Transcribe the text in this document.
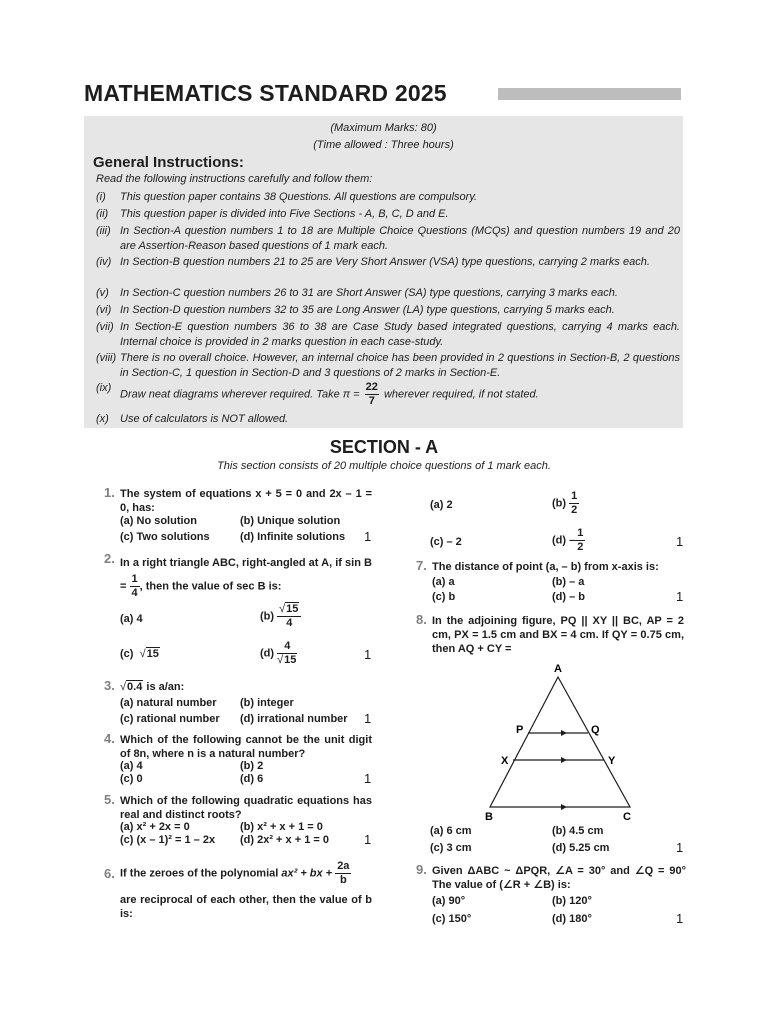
MATHEMATICS STANDARD 2025
(Maximum Marks: 80)
(Time allowed : Three hours)
General Instructions:
Read the following instructions carefully and follow them:
(i) This question paper contains 38 Questions. All questions are compulsory.
(ii) This question paper is divided into Five Sections - A, B, C, D and E.
(iii) In Section-A question numbers 1 to 18 are Multiple Choice Questions (MCQs) and question numbers 19 and 20 are Assertion-Reason based questions of 1 mark each.
(iv) In Section-B question numbers 21 to 25 are Very Short Answer (VSA) type questions, carrying 2 marks each.
(v) In Section-C question numbers 26 to 31 are Short Answer (SA) type questions, carrying 3 marks each.
(vi) In Section-D question numbers 32 to 35 are Long Answer (LA) type questions, carrying 5 marks each.
(vii) In Section-E question numbers 36 to 38 are Case Study based integrated questions, carrying 4 marks each. Internal choice is provided in 2 marks question in each case-study.
(viii) There is no overall choice. However, an internal choice has been provided in 2 questions in Section-B, 2 questions in Section-C, 1 question in Section-D and 3 questions of 2 marks in Section-E.
(ix)
Draw neat diagrams wherever required. Take $\pi = \frac{22}{7}$ wherever required, if not stated.
(x) Use of calculators is NOT allowed.
SECTION - A
This section consists of 20 multiple choice questions of 1 mark each.
1. The system of equations x + 5 = 0 and 2x – 1 = 0, has:
(a) No solution	(b) Unique solution
(c) Two solutions	(d) Infinite solutions 1
2. In a right triangle ABC, right-angled at A, if $\sin B = \frac{1}{4}$ , then the value of sec B is:
(a) 4	$(b) \frac{√15}{4}$
(c) √15	$(d) \frac{4}{√15}$	1
3. √0.4 is a/an:
(a) natural number (b) integer
(c) rational number (d) irrational number 1
4. Which of the following cannot be the unit digit of 8n, where n is a natural number?
(a) 4	(b) 2
(c) 0	(d) 6	1
5. Which of the following quadratic equations has real and distinct roots?
(a) x² + 2x = 0	(b) x² + x + 1 = 0
(c) (x – 1)² = 1 – 2x (d) 2x² + x + 1 = 0	1
6. If the zeroes of the polynomial ax² + bx + $\frac{2a}{b}$
are reciprocal of each other, then the value of b is:
(a) 2	$(b) \frac{1}{2}$
(c) – 2	$(d) - \frac{1}{2}$	1
7. The distance of point (a, – b) from x-axis is:
(a) a	(b) – a
(c) b	(d) – b	1
8. In the adjoining figure, PQ || XY || BC, AP = 2 cm, PX = 1.5 cm and BX = 4 cm. If QY = 0.75 cm, then AQ + CY =
A
P	Q
X	Y
B	C
(a) 6 cm	(b) 4.5 cm
(c) 3 cm	(d) 5.25 cm	1
9. Given ΔABC ~ ΔPQR, ∠A = 30° and ∠Q = 90° The value of (∠R + ∠B) is:
(a) 90°	(b) 120°
(c) 150°	(d) 180°	1
